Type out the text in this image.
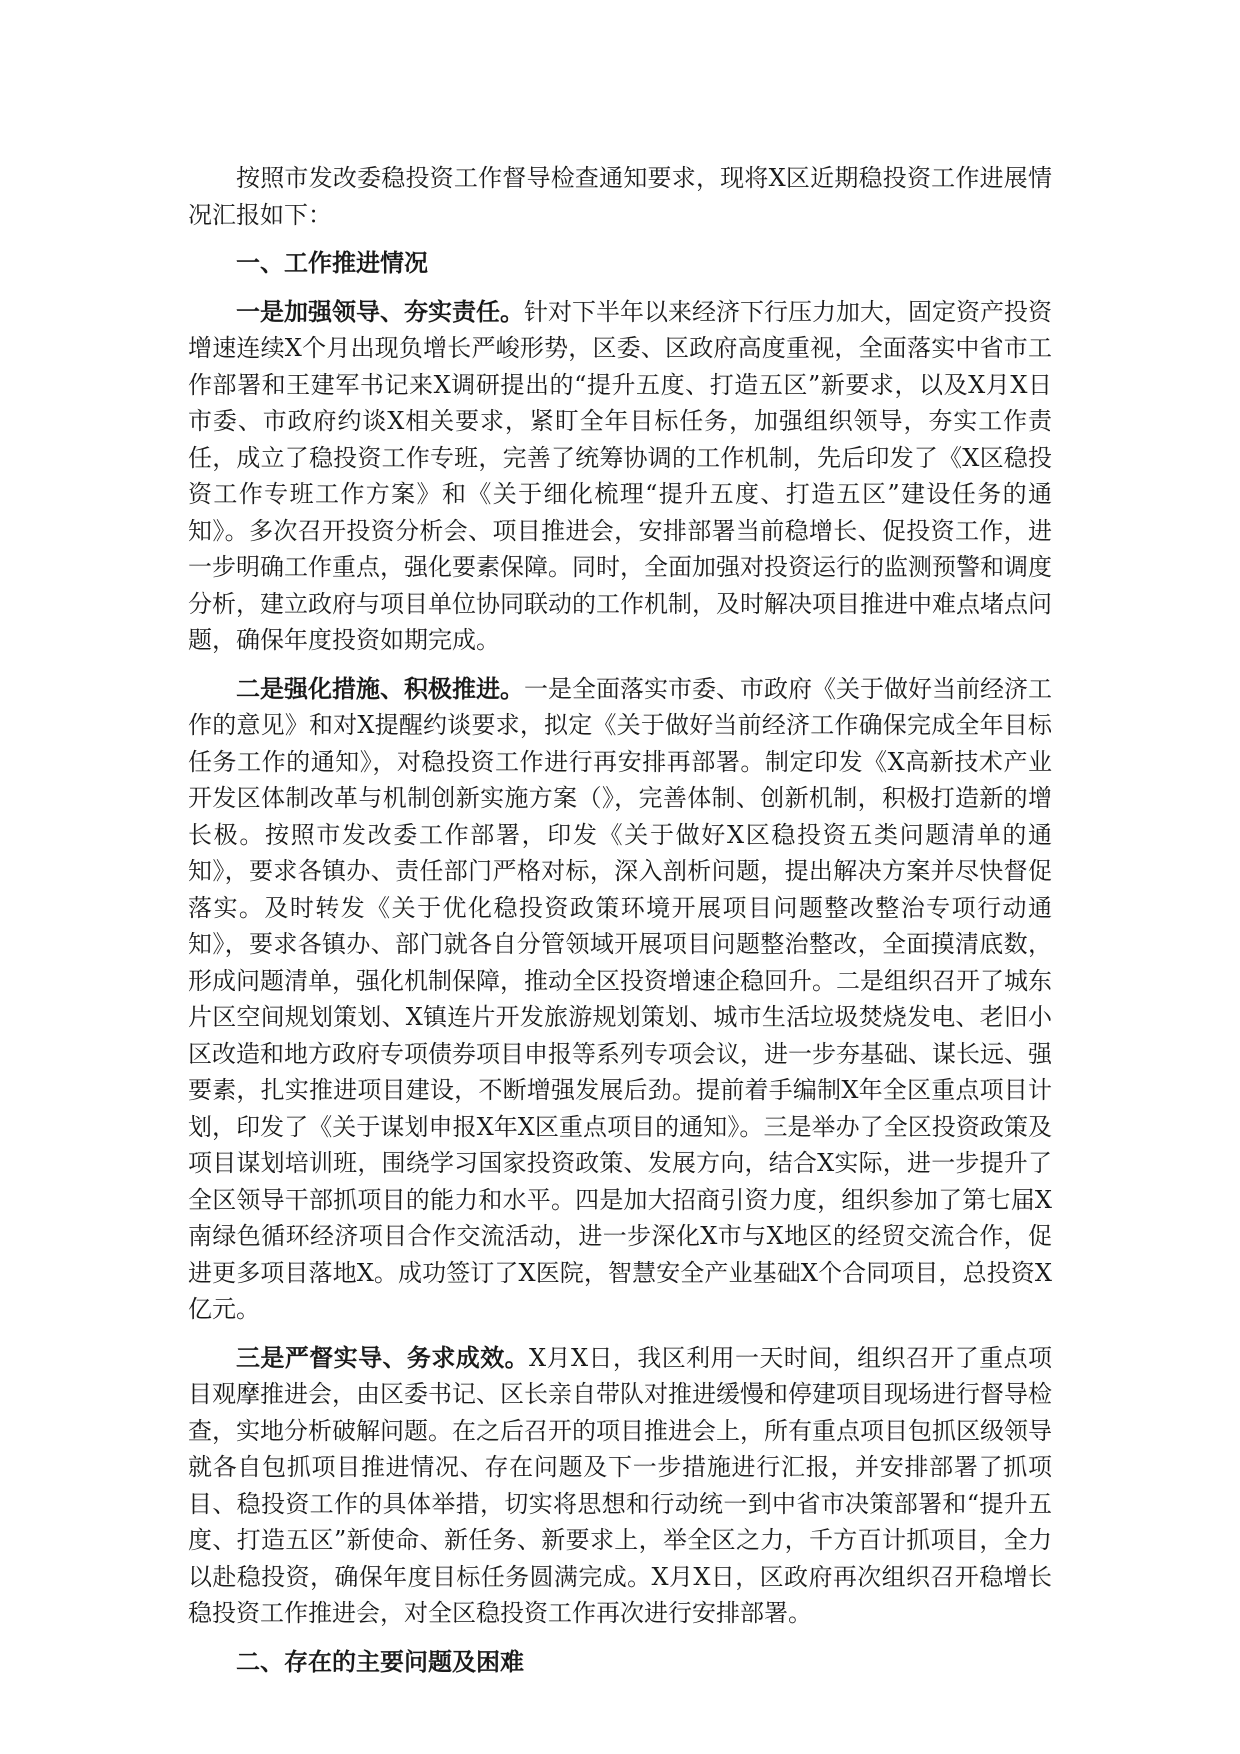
按照市发改委稳投资工作督导检查通知要求，现将X区近期稳投资工作进展情况汇报如下：

一、工作推进情况

一是加强领导、夯实责任。针对下半年以来经济下行压力加大，固定资产投资增速连续X个月出现负增长严峻形势，区委、区政府高度重视，全面落实中省市工作部署和王建军书记来X调研提出的“提升五度、打造五区”新要求，以及X月X日市委、市政府约谈X相关要求，紧盯全年目标任务，加强组织领导，夯实工作责任，成立了稳投资工作专班，完善了统筹协调的工作机制，先后印发了《X区稳投资工作专班工作方案》和《关于细化梳理“提升五度、打造五区”建设任务的通知》。多次召开投资分析会、项目推进会，安排部署当前稳增长、促投资工作，进一步明确工作重点，强化要素保障。同时，全面加强对投资运行的监测预警和调度分析，建立政府与项目单位协同联动的工作机制，及时解决项目推进中难点堵点问题，确保年度投资如期完成。

二是强化措施、积极推进。一是全面落实市委、市政府《关于做好当前经济工作的意见》和对X提醒约谈要求，拟定《关于做好当前经济工作确保完成全年目标任务工作的通知》，对稳投资工作进行再安排再部署。制定印发《X高新技术产业开发区体制改革与机制创新实施方案（》，完善体制、创新机制，积极打造新的增长极。按照市发改委工作部署，印发《关于做好X区稳投资五类问题清单的通知》，要求各镇办、责任部门严格对标，深入剖析问题，提出解决方案并尽快督促落实。及时转发《关于优化稳投资政策环境开展项目问题整改整治专项行动通知》，要求各镇办、部门就各自分管领域开展项目问题整治整改，全面摸清底数，形成问题清单，强化机制保障，推动全区投资增速企稳回升。二是组织召开了城东片区空间规划策划、X镇连片开发旅游规划策划、城市生活垃圾焚烧发电、老旧小区改造和地方政府专项债券项目申报等系列专项会议，进一步夯基础、谋长远、强要素，扎实推进项目建设，不断增强发展后劲。提前着手编制X年全区重点项目计划，印发了《关于谋划申报X年X区重点项目的通知》。三是举办了全区投资政策及项目谋划培训班，围绕学习国家投资政策、发展方向，结合X实际，进一步提升了全区领导干部抓项目的能力和水平。四是加大招商引资力度，组织参加了第七届X南绿色循环经济项目合作交流活动，进一步深化X市与X地区的经贸交流合作，促进更多项目落地X。成功签订了X医院，智慧安全产业基础X个合同项目，总投资X亿元。

三是严督实导、务求成效。X月X日，我区利用一天时间，组织召开了重点项目观摩推进会，由区委书记、区长亲自带队对推进缓慢和停建项目现场进行督导检查，实地分析破解问题。在之后召开的项目推进会上，所有重点项目包抓区级领导就各自包抓项目推进情况、存在问题及下一步措施进行汇报，并安排部署了抓项目、稳投资工作的具体举措，切实将思想和行动统一到中省市决策部署和“提升五度、打造五区”新使命、新任务、新要求上，举全区之力，千方百计抓项目，全力以赴稳投资，确保年度目标任务圆满完成。X月X日，区政府再次组织召开稳增长稳投资工作推进会，对全区稳投资工作再次进行安排部署。

二、存在的主要问题及困难
